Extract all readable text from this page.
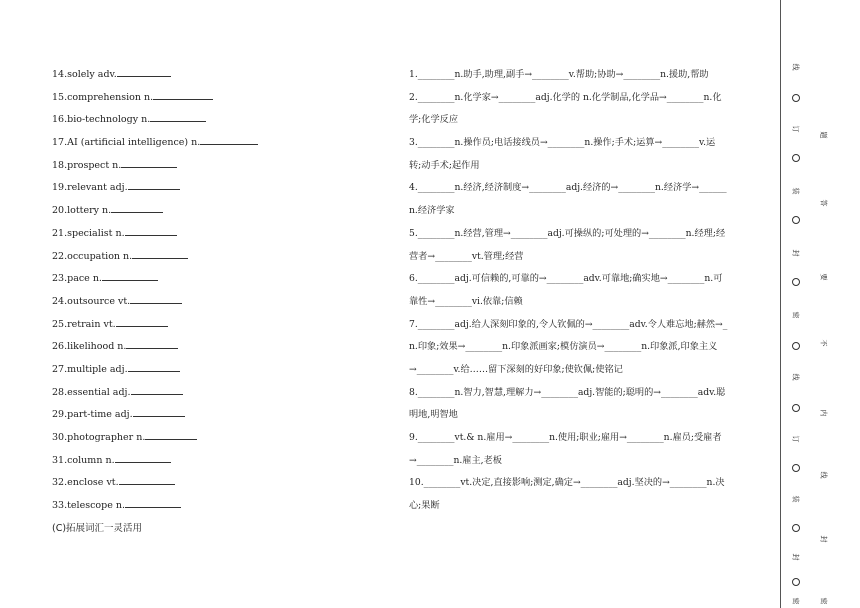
14.solely adv.
15.comprehension n.
16.bio-technology n.
17.AI (artificial intelligence) n.
18.prospect n.
19.relevant adj.
20.lottery n.
21.specialist n.
22.occupation n.
23.pace n.
24.outsource vt.
25.retrain vt.
26.likelihood n.
27.multiple adj.
28.essential adj.
29.part-time adj.
30.photographer n.
31.column n.
32.enclose vt.
33.telescope n.
(C)拓展词汇一灵活用
1.________n.助手,助理,副手→________v.帮助;协助→________n.援助,帮助
2.________n.化学家→________adj.化学的 n.化学制品,化学品→________n.化
学;化学反应
3.________n.操作员;电话接线员→________n.操作;手术;运算→________v.运
转;动手术;起作用
4.________n.经济,经济制度→________adj.经济的→________n.经济学→______
n.经济学家
5.________n.经营,管理→________adj.可操纵的;可处理的→________n.经理;经
营者→________vt.管理;经营
6.________adj.可信赖的,可靠的→________adv.可靠地;确实地→________n.可
靠性→________vi.依靠;信赖
7.________adj.给人深刻印象的,令人钦佩的→________adv.令人难忘地;赫然→_
n.印象;效果→________n.印象派画家;模仿演员→________n.印象派,印象主义
→________v.给……留下深刻的好印象;使钦佩;使铭记
8.________n.智力,智慧,理解力→________adj.智能的;聪明的→________adv.聪
明地,明智地
9.________vt.& n.雇用→________n.使用;职业;雇用→________n.雇员;受雇者
→________n.雇主,老板
10.________vt.决定,直接影响;测定,确定→________adj.坚决的→________n.决
心;果断
线
订
题
装
答
封
要
密
不
线
内
订
装
线
封
封
密	密
